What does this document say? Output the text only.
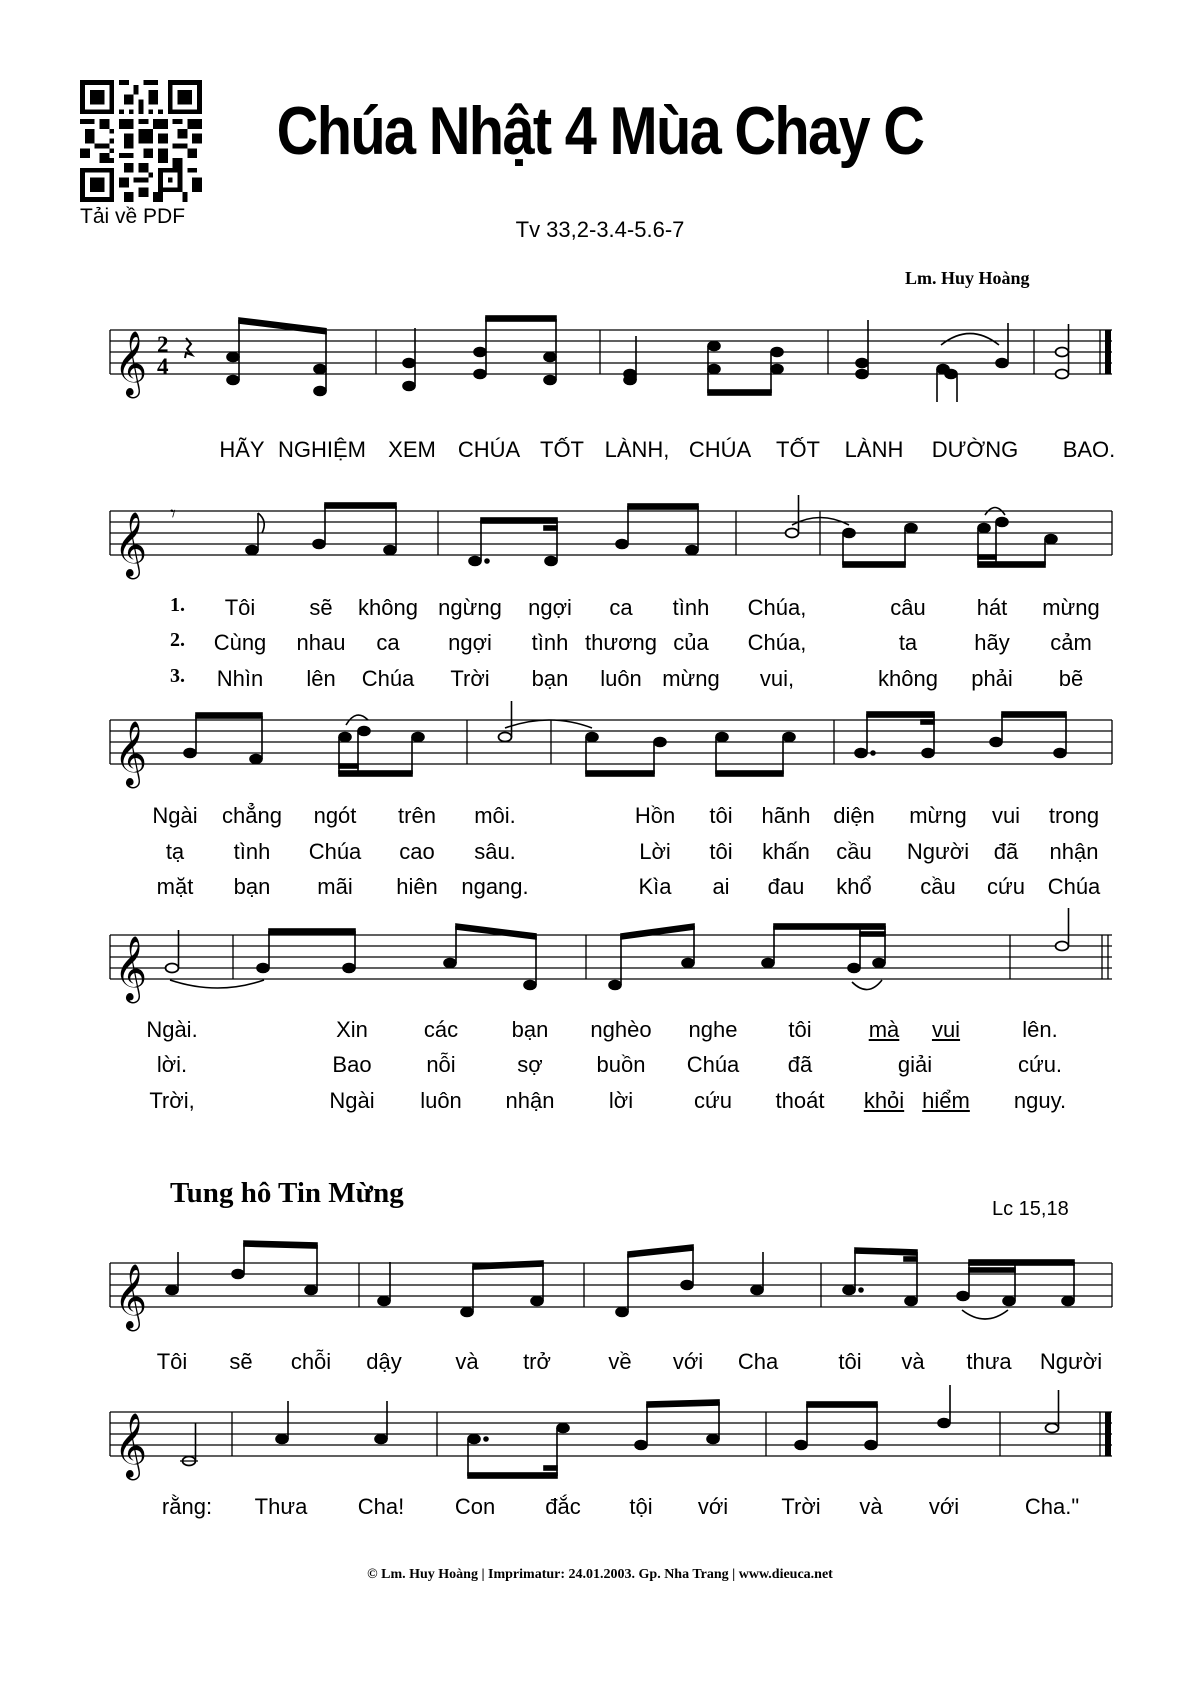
Tải về PDF
Chúa Nhật 4 Mùa Chay C
Tv 33,2-3.4-5.6-7
Lm. Huy Hoàng
𝄞 2
4
HÃY NGHIỆM XEM CHÚA TỐT LÀNH, CHÚA TỐT LÀNH DƯỜNG BAO.
𝄞 𝄾
1.
2.
3.
Tôi sẽ không ngừng ngợi ca tình Chúa,	câu hát mừng
Cùng nhau ca ngợi tình thương của Chúa,	ta	hãy cảm
Nhìn lên Chúa Trời bạn luôn mừng vui,	không phải bẽ
𝄞
Ngài chẳng ngót trên môi.	Hồn tôi hãnh diện mừng vui trong
tạ tình Chúa cao sâu.	Lời tôi khấn cầu Người đã nhận
mặt bạn mãi hiên ngang.	Kìa ai đau khổ cầu cứu Chúa
𝄞
Ngài.	Xin	các bạn nghèo nghe tôi	mà vui	lên.
lời.	Bao nỗi	sợ buồn Chúa đã	giải	cứu.
Trời,	Ngài luôn nhận lời	cứu thoát khỏi hiểm nguy.
Tung hô Tin Mừng	Lc 15,18
𝄞
Tôi sẽ chỗi dậy và trở	về với Cha	tôi và thưa Người
𝄞
rằng: Thưa Cha! Con đắc tội với Trời và với	Cha."
© Lm. Huy Hoàng | Imprimatur: 24.01.2003. Gp. Nha Trang | www.dieuca.net
